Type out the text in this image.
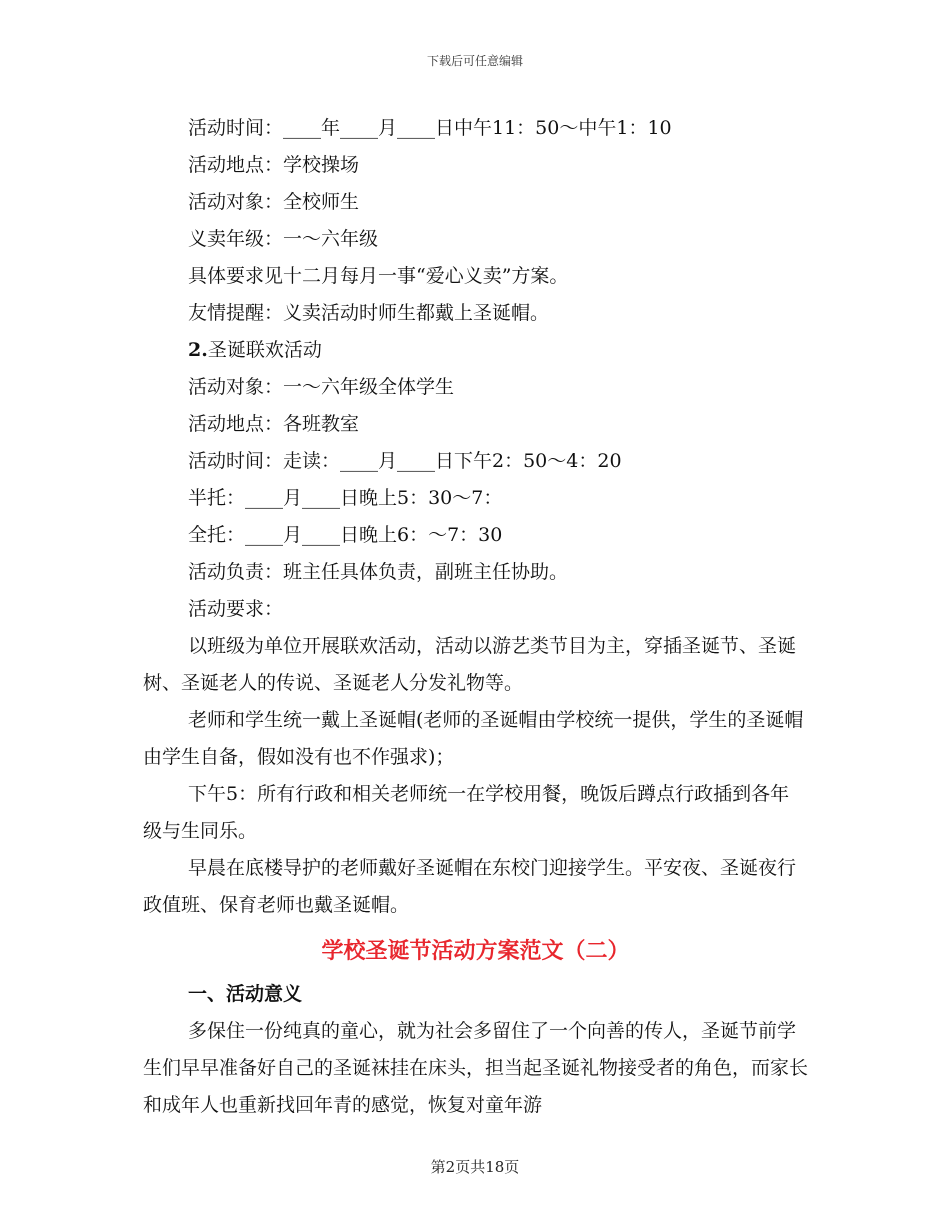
下载后可任意编辑
活动时间：____年____月____日中午11：50～中午1：10
活动地点：学校操场
活动对象：全校师生
义卖年级：一～六年级
具体要求见十二月每月一事“爱心义卖”方案。
友情提醒：义卖活动时师生都戴上圣诞帽。
2.圣诞联欢活动
活动对象：一～六年级全体学生
活动地点：各班教室
活动时间：走读：____月____日下午2：50～4：20
半托：____月____日晚上5：30～7：
全托：____月____日晚上6：～7：30
活动负责：班主任具体负责，副班主任协助。
活动要求：

以班级为单位开展联欢活动，活动以游艺类节目为主，穿插圣诞节、圣诞树、圣诞老人的传说、圣诞老人分发礼物等。

老师和学生统一戴上圣诞帽(老师的圣诞帽由学校统一提供，学生的圣诞帽由学生自备，假如没有也不作强求)；

下午5：所有行政和相关老师统一在学校用餐，晚饭后蹲点行政插到各年级与生同乐。

早晨在底楼导护的老师戴好圣诞帽在东校门迎接学生。平安夜、圣诞夜行政值班、保育老师也戴圣诞帽。

学校圣诞节活动方案范文（二）
一、活动意义

多保住一份纯真的童心，就为社会多留住了一个向善的传人，圣诞节前学生们早早准备好自己的圣诞袜挂在床头，担当起圣诞礼物接受者的角色，而家长和成年人也重新找回年青的感觉，恢复对童年游

第2页共18页
